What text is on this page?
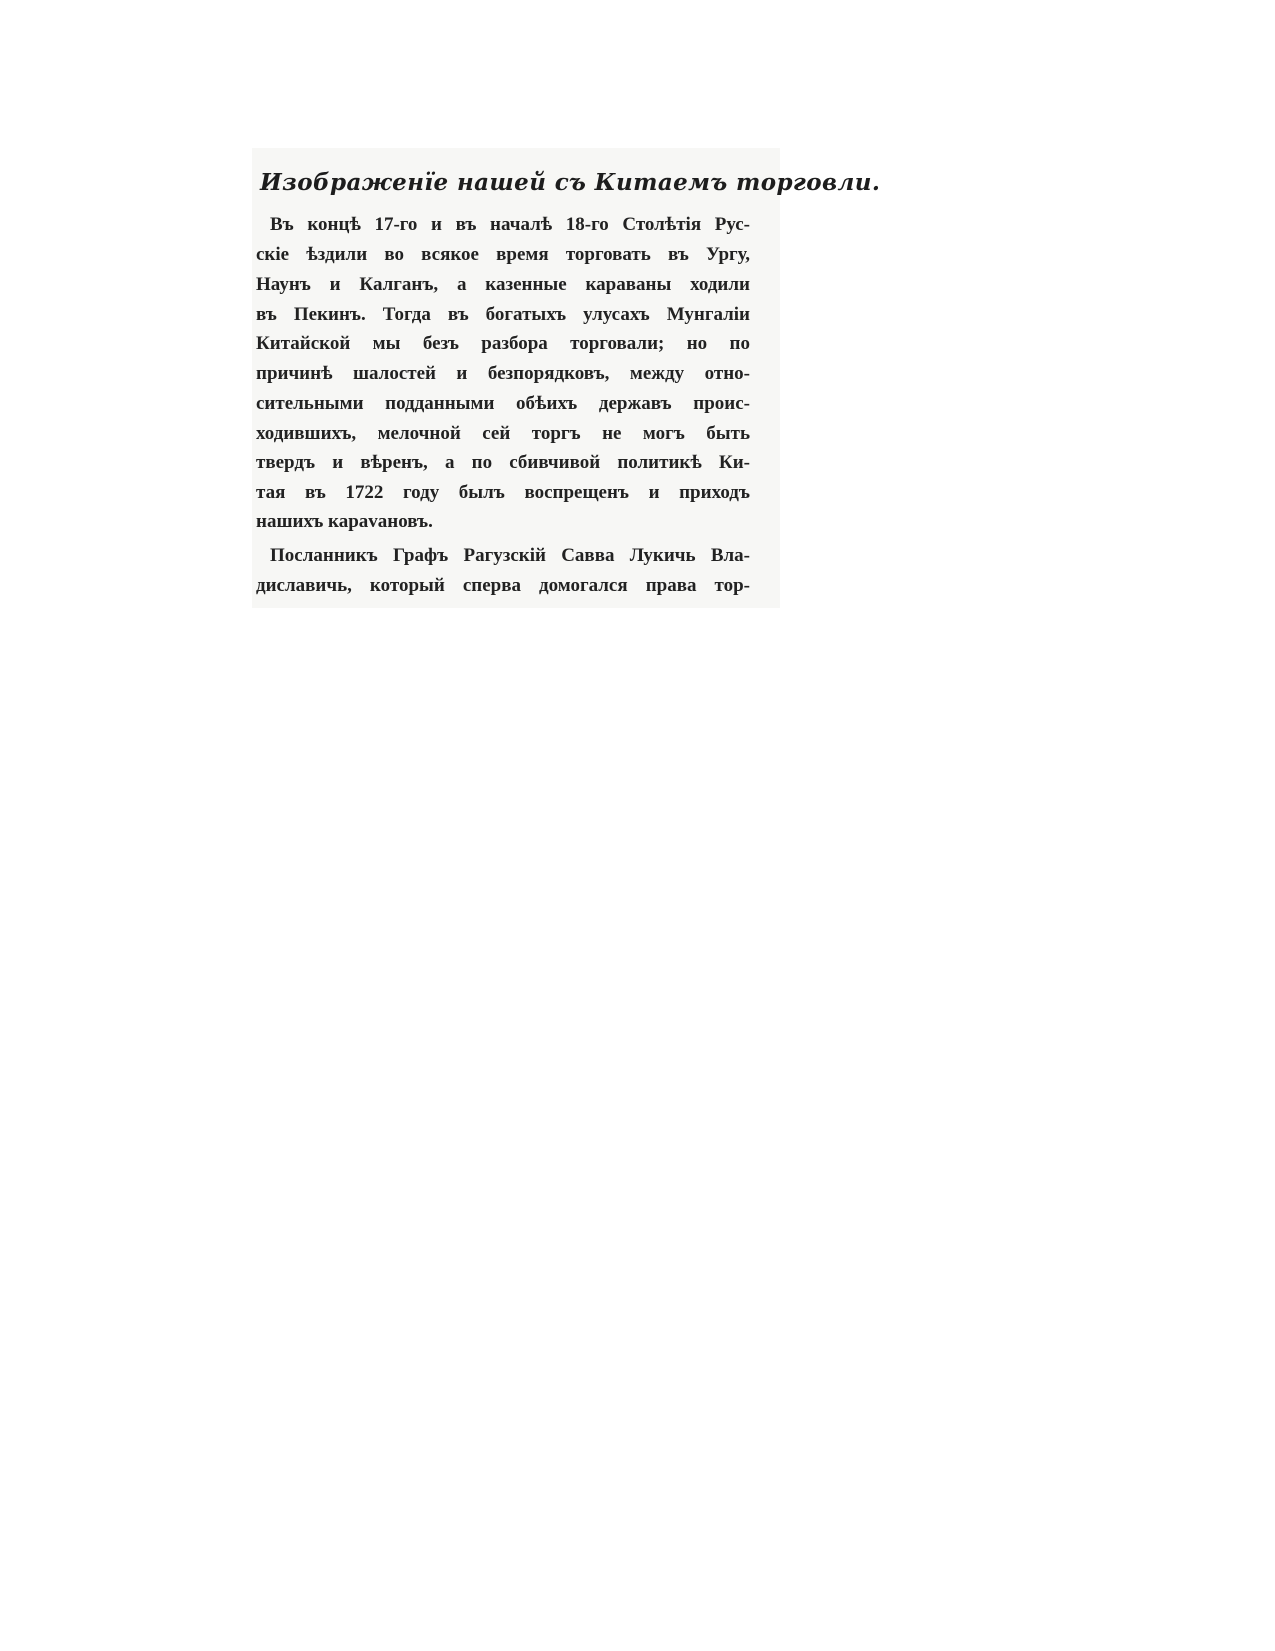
Изображенїе нашей съ Китаемъ торговли.

Въ концѣ 17-го и въ началѣ 18-го Столѣтія Рус-

скіе ѣздили во всякое время торговать въ Ургу,

Наунъ и Калганъ, а казенные караваны ходили

въ Пекинъ. Тогда въ богатыхъ улусахъ Мунгаліи

Китайской мы безъ разбора торговали; но по

причинѣ шалостей и безпорядковъ, между отно-

сительными подданными обѣихъ державъ проис-

ходившихъ, мелочной сей торгъ не могъ быть

твердъ и вѣренъ, а по сбивчивой политикѣ Ки-

тая въ 1722 году былъ воспрещенъ и приходъ

нашихъ карavановъ.

Посланникъ Графъ Рагузскій Савва Лукичь Вла-

диславичь, который сперва домогался права тор-
